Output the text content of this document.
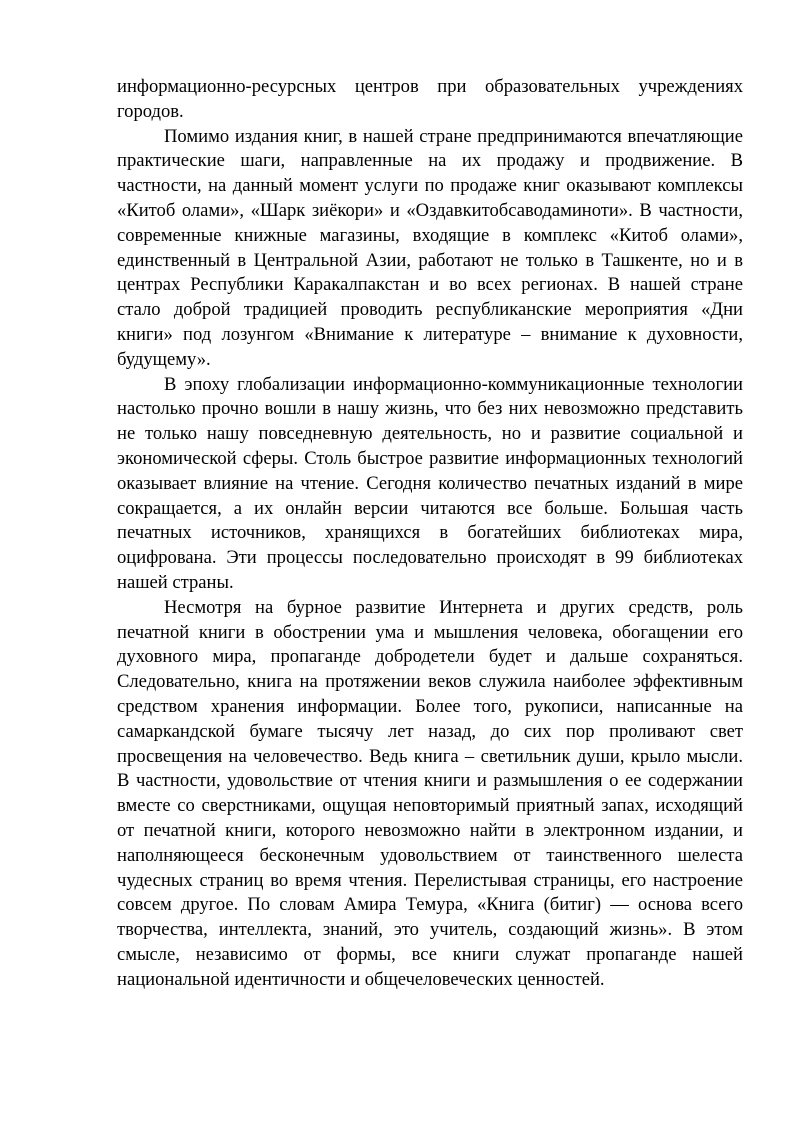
информационно-ресурсных центров при образовательных учреждениях городов.

Помимо издания книг, в нашей стране предпринимаются впечатляющие практические шаги, направленные на их продажу и продвижение. В частности, на данный момент услуги по продаже книг оказывают комплексы «Китоб олами», «Шарк зиёкори» и «Оздавкитобсаводаминоти». В частности, современные книжные магазины, входящие в комплекс «Китоб олами», единственный в Центральной Азии, работают не только в Ташкенте, но и в центрах Республики Каракалпакстан и во всех регионах. В нашей стране стало доброй традицией проводить республиканские мероприятия «Дни книги» под лозунгом «Внимание к литературе – внимание к духовности, будущему».

В эпоху глобализации информационно-коммуникационные технологии настолько прочно вошли в нашу жизнь, что без них невозможно представить не только нашу повседневную деятельность, но и развитие социальной и экономической сферы. Столь быстрое развитие информационных технологий оказывает влияние на чтение. Сегодня количество печатных изданий в мире сокращается, а их онлайн версии читаются все больше. Большая часть печатных источников, хранящихся в богатейших библиотеках мира, оцифрована. Эти процессы последовательно происходят в 99 библиотеках нашей страны.

Несмотря на бурное развитие Интернета и других средств, роль печатной книги в обострении ума и мышления человека, обогащении его духовного мира, пропаганде добродетели будет и дальше сохраняться. Следовательно, книга на протяжении веков служила наиболее эффективным средством хранения информации. Более того, рукописи, написанные на самаркандской бумаге тысячу лет назад, до сих пор проливают свет просвещения на человечество. Ведь книга – светильник души, крыло мысли. В частности, удовольствие от чтения книги и размышления о ее содержании вместе со сверстниками, ощущая неповторимый приятный запах, исходящий от печатной книги, которого невозможно найти в электронном издании, и наполняющееся бесконечным удовольствием от таинственного шелеста чудесных страниц во время чтения. Перелистывая страницы, его настроение совсем другое. По словам Амира Темура, «Книга (битиг) — основа всего творчества, интеллекта, знаний, это учитель, создающий жизнь». В этом смысле, независимо от формы, все книги служат пропаганде нашей национальной идентичности и общечеловеческих ценностей.
